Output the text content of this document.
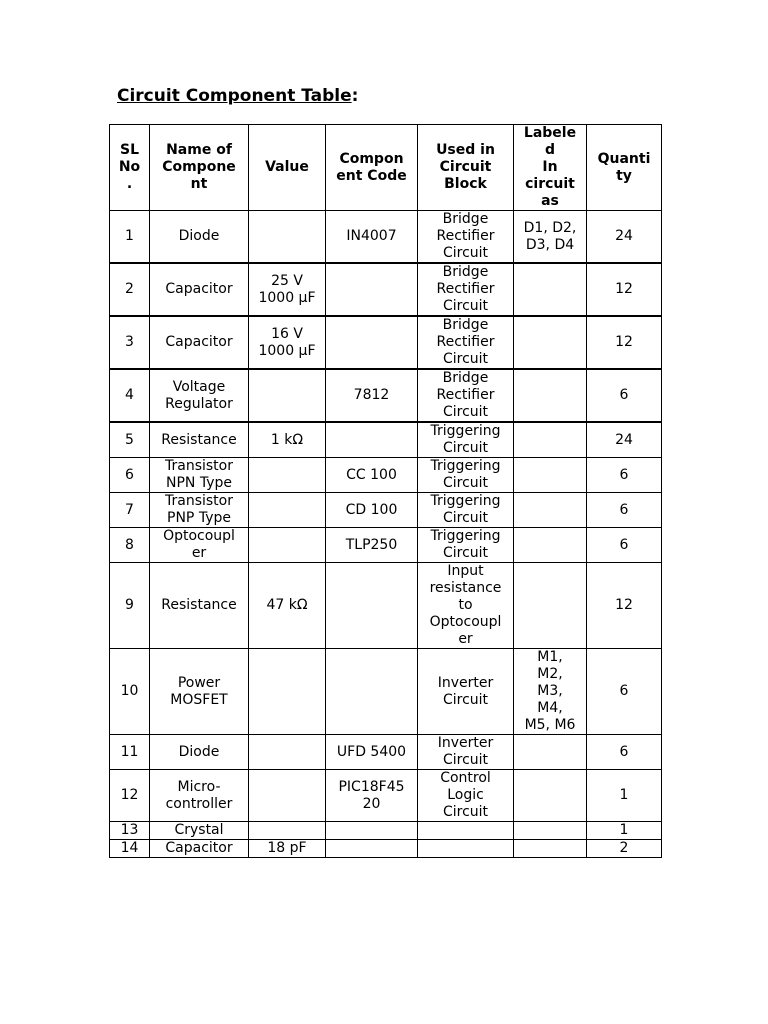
Circuit Component Table:
SL
No
.	Name of
Compone
nt	Value	Compon
ent Code	Used in
Circuit
Block	Labele
d
In
circuit
as	Quanti
ty
1	Diode		IN4007	Bridge
Rectifier
Circuit	D1, D2,
D3, D4	24
2	Capacitor	25 V
1000 µF		Bridge
Rectifier
Circuit		12
3	Capacitor	16 V
1000 µF		Bridge
Rectifier
Circuit		12
4	Voltage
Regulator		7812	Bridge
Rectifier
Circuit		6
5	Resistance	1 kΩ		Triggering
Circuit		24
6	Transistor
NPN Type		CC 100	Triggering
Circuit		6
7	Transistor
PNP Type		CD 100	Triggering
Circuit		6
8	Optocoupl
er		TLP250	Triggering
Circuit		6
9	Resistance	47 kΩ		Input
resistance
to
Optocoupl
er		12
10	Power
MOSFET			Inverter
Circuit	M1,
M2,
M3,
M4,
M5, M6	6
11	Diode		UFD 5400	Inverter
Circuit		6
12	Micro-
controller		PIC18F45
20	Control
Logic
Circuit		1
13	Crystal					1
14	Capacitor	18 pF				2
